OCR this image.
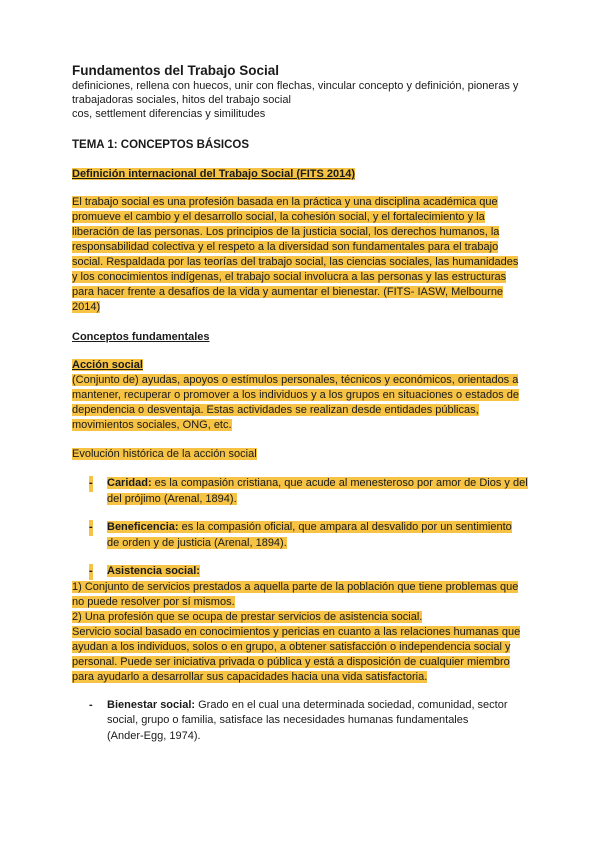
Fundamentos del Trabajo Social

definiciones, rellena con huecos, unir con flechas, vincular concepto y definición, pioneras y

trabajadoras sociales, hitos del trabajo social

cos, settlement diferencias y similitudes

TEMA 1: CONCEPTOS BÁSICOS

Definición internacional del Trabajo Social (FITS 2014)

El trabajo social es una profesión basada en la práctica y una disciplina académica que
promueve el cambio y el desarrollo social, la cohesión social, y el fortalecimiento y la
liberación de las personas. Los principios de la justicia social, los derechos humanos, la
responsabilidad colectiva y el respeto a la diversidad son fundamentales para el trabajo
social. Respaldada por las teorías del trabajo social, las ciencias sociales, las humanidades
y los conocimientos indígenas, el trabajo social involucra a las personas y las estructuras
para hacer frente a desafíos de la vida y aumentar el bienestar. (FITS- IASW, Melbourne
2014)

Conceptos fundamentales

Acción social
(Conjunto de) ayudas, apoyos o estímulos personales, técnicos y económicos, orientados a
mantener, recuperar o promover a los individuos y a los grupos en situaciones o estados de
dependencia o desventaja. Estas actividades se realizan desde entidades públicas,
movimientos sociales, ONG, etc.
Evolución histórica de la acción social
- Caridad: es la compasión cristiana, que acude al menesteroso por amor de Dios y del
del prójimo (Arenal, 1894).
- Beneficencia: es la compasión oficial, que ampara al desvalido por un sentimiento
de orden y de justicia (Arenal, 1894).
- Asistencia social:
1) Conjunto de servicios prestados a aquella parte de la población que tiene problemas que
no puede resolver por sí mismos.
2) Una profesión que se ocupa de prestar servicios de asistencia social.
Servicio social basado en conocimientos y pericias en cuanto a las relaciones humanas que
ayudan a los individuos, solos o en grupo, a obtener satisfacción o independencia social y
personal. Puede ser iniciativa privada o pública y está a disposición de cualquier miembro
para ayudarlo a desarrollar sus capacidades hacia una vida satisfactoria.
- Bienestar social: Grado en el cual una determinada sociedad, comunidad, sector
social, grupo o familia, satisface las necesidades humanas fundamentales
(Ander-Egg, 1974).
